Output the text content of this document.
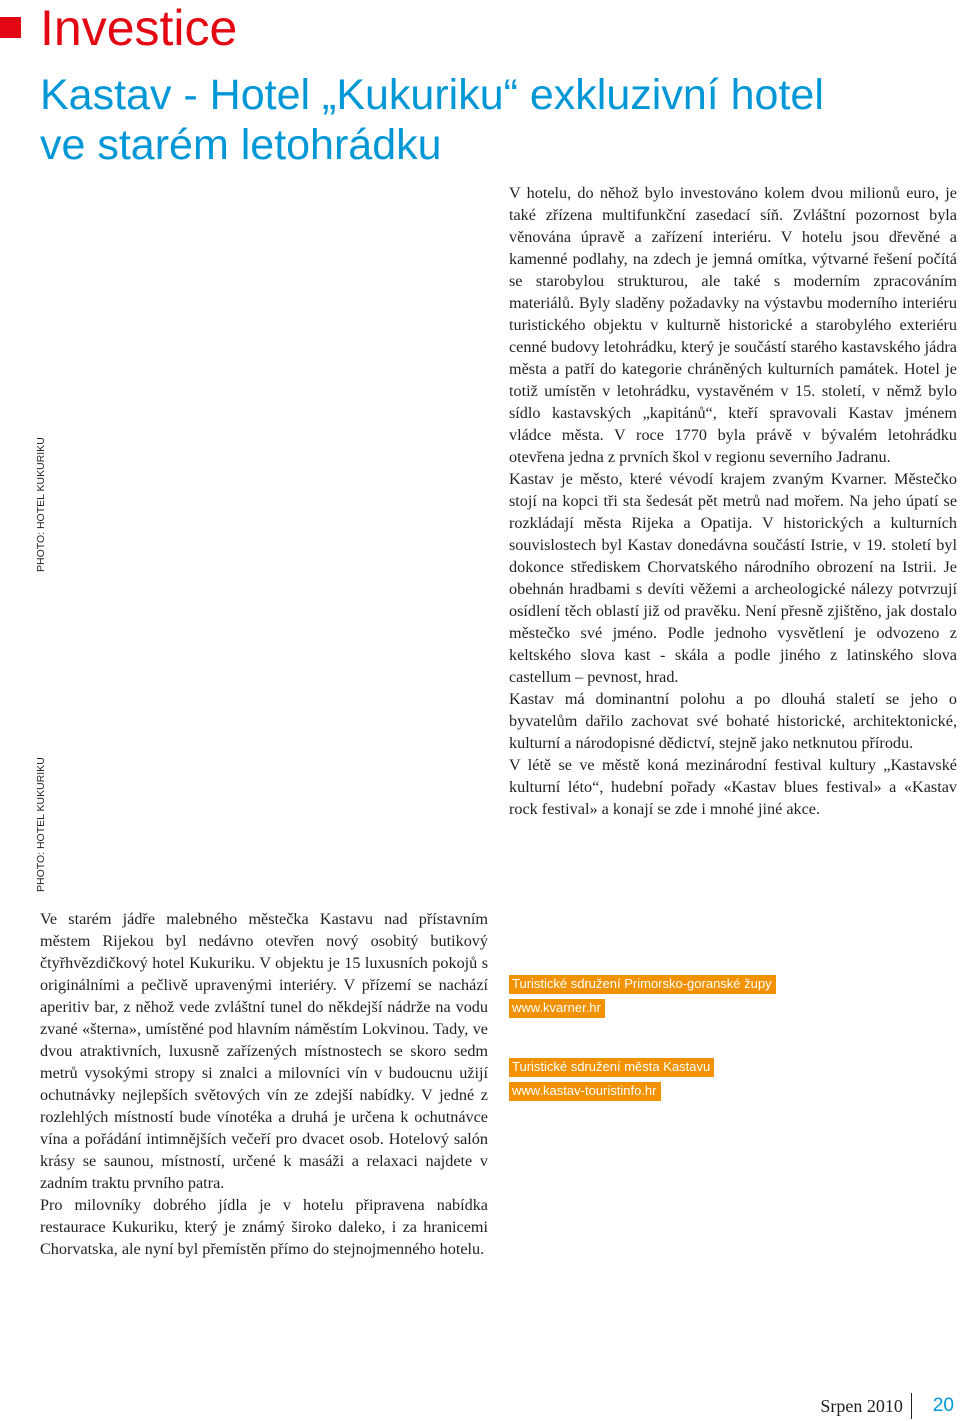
Investice
Kastav - Hotel „Kukuriku“ exkluzivní hotel ve starém letohrádku
PHOTO: HOTEL KUKURIKU
PHOTO: HOTEL KUKURIKU

Ve starém jádře malebného městečka Kastavu nad přístavním městem Rijekou byl nedávno otevřen nový osobitý butikový čtyřhvězdičkový hotel Kukuriku. V objektu je 15 luxusních pokojů s originálními a pečlivě upravenými interiéry. V přízemí se nachází aperitiv bar, z něhož vede zvláštní tunel do někdejší nádrže na vodu zvané «šterna», umístěné pod hlavním náměstím Lokvinou. Tady, ve dvou atraktivních, luxusně zařízených místnostech se skoro sedm metrů vysokými stropy si znalci a milovníci vín v budoucnu užijí ochutnávky nejlepších světových vín ze zdejší nabídky. V jedné z rozlehlých místností bude vínotéka a druhá je určena k ochutnávce vína a pořádání intimnějších večeří pro dvacet osob. Hotelový salón krásy se saunou, místností, určené k masáži a relaxaci najdete v zadním traktu prvního patra.

Pro milovníky dobrého jídla je v hotelu připravena nabídka restaurace Kukuriku, který je známý široko daleko, i za hranicemi Chorvatska, ale nyní byl přemístěn přímo do stejnojmenného hotelu.

V hotelu, do něhož bylo investováno kolem dvou milionů euro, je také zřízena multifunkční zasedací síň. Zvláštní pozornost byla věnována úpravě a zařízení interiéru. V hotelu jsou dřevěné a kamenné podlahy, na zdech je jemná omítka, výtvarné řešení počítá se starobylou strukturou, ale také s moderním zpracováním materiálů. Byly sladěny požadavky na výstavbu moderního interiéru turistického objektu v kulturně historické a starobylého exteriéru cenné budovy letohrádku, který je součástí starého kastavského jádra města a patří do kategorie chráněných kulturních památek. Hotel je totiž umístěn v letohrádku, vystavěném v 15. století, v němž bylo sídlo kastavských „kapitánů“, kteří spravovali Kastav jménem vládce města. V roce 1770 byla právě v bývalém letohrádku otevřena jedna z prvních škol v regionu severního Jadranu.

Kastav je město, které vévodí krajem zvaným Kvarner. Městečko stojí na kopci tři sta šedesát pět metrů nad mořem. Na jeho úpatí se rozkládají města Rijeka a Opatija. V historických a kulturních souvislostech byl Kastav donedávna součástí Istrie, v 19. století byl dokonce střediskem Chorvatského národního obrození na Istrii. Je obehnán hradbami s devíti věžemi a archeologické nálezy potvrzují osídlení těch oblastí již od pravěku. Není přesně zjištěno, jak dostalo městečko své jméno. Podle jednoho vysvětlení je odvozeno z keltského slova kast - skála a podle jiného z latinského slova castellum – pevnost, hrad.

Kastav má dominantní polohu a po dlouhá staletí se jeho o byvatelům dařilo zachovat své bohaté historické, architektonické, kulturní a národopisné dědictví, stejně jako netknutou přírodu.

V létě se ve městě koná mezinárodní festival kultury „Kastavské kulturní léto“, hudební pořady «Kastav blues festival» a «Kastav rock festival» a konají se zde i mnohé jiné akce.

Turistické sdružení Primorsko-goranské župy
www.kvarner.hr
Turistické sdružení města Kastavu
www.kastav-touristinfo.hr
Srpen 2010	20
